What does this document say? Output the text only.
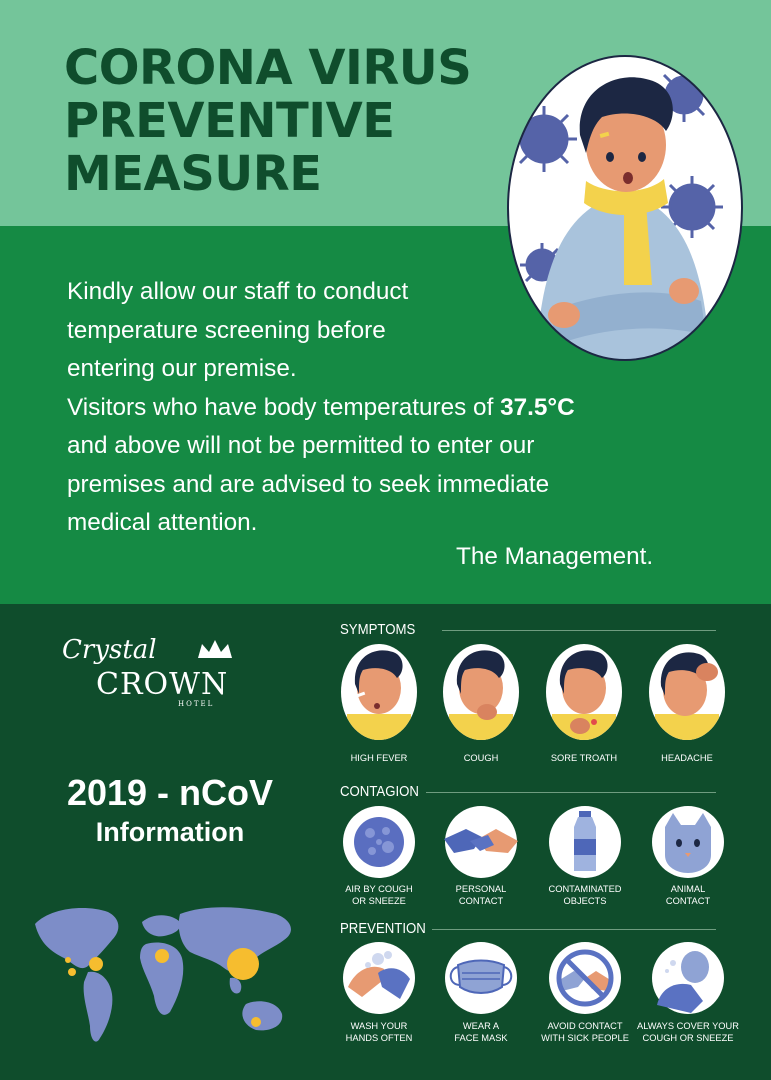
CORONA VIRUS
PREVENTIVE
MEASURE
Kindly allow our staff to conduct
temperature screening before
entering our premise.
Visitors who have body temperatures of 37.5°C
and above will not be permitted to enter our
premises and are advised to seek immediate
medical attention.
The Management.
Crystal
CROWN
HOTEL
2019 - nCoV
Information
SYMPTOMS
HIGH FEVER	COUGH	SORE TROATH	HEADACHE
CONTAGION
AIR BY COUGH
OR SNEEZE
PERSONAL
CONTACT
CONTAMINATED
OBJECTS
ANIMAL
CONTACT
PREVENTION
WASH YOUR
HANDS OFTEN
WEAR A
FACE MASK
AVOID CONTACT
WITH SICK PEOPLE
ALWAYS COVER YOUR
COUGH OR SNEEZE
